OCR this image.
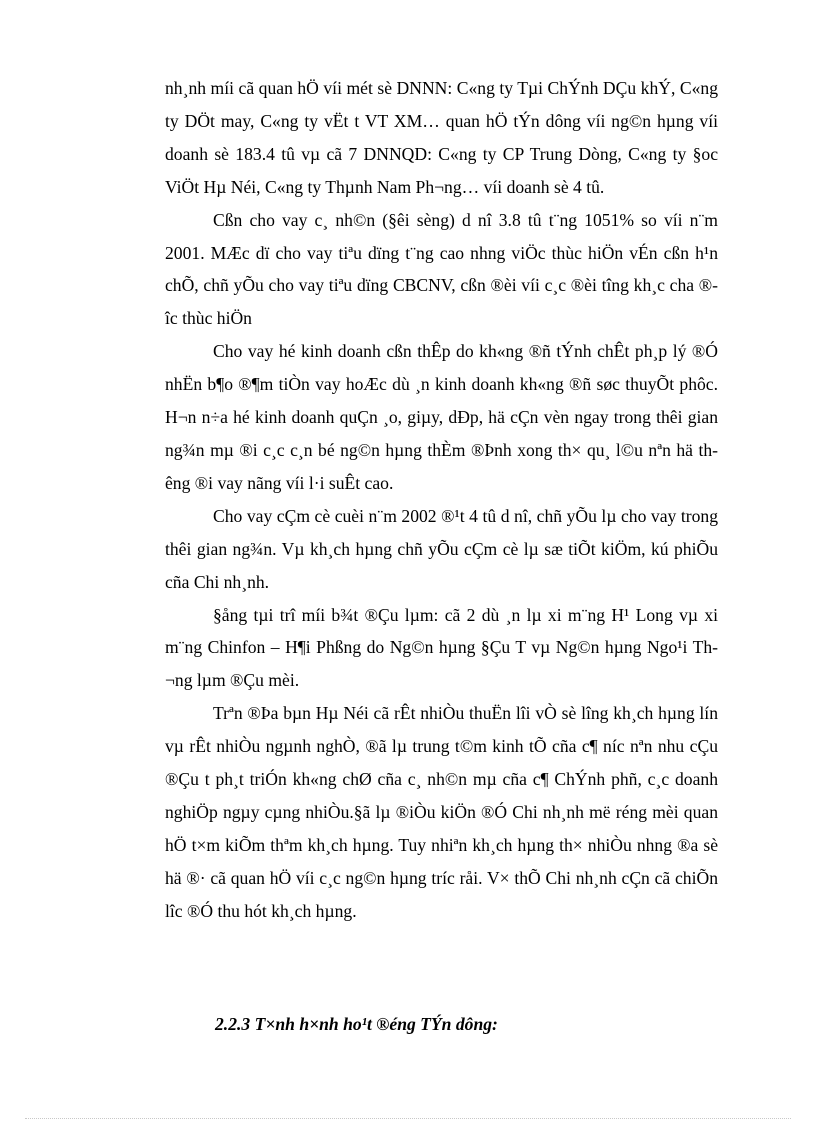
nh¸nh míi cã quan hÖ víi mét sè DNNN: C«ng ty Tµi ChÝnh DÇu khÝ, C«ng ty DÖt may, C«ng ty vËt t VT XM… quan hÖ tÝn dông víi ng©n hµng víi doanh sè 183.4 tû vµ cã 7 DNNQD: C«ng ty CP Trung Dòng, C«ng ty §oc ViÖt Hµ Néi, C«ng ty Thµnh Nam Ph¬ng… víi doanh sè 4 tû.

Cßn cho vay c¸ nh©n (§êi sèng) d nî 3.8 tû t¨ng 1051% so víi n¨m 2001. MÆc dï cho vay tiªu dïng t¨ng cao nhng viÖc thùc hiÖn vÉn cßn h¹n chÕ, chñ yÕu cho vay tiªu dïng CBCNV, cßn ®èi víi c¸c ®èi tîng kh¸c cha ®îc thùc hiÖn

Cho vay hé kinh doanh cßn thÊp do kh«ng ®ñ tÝnh chÊt ph¸p lý ®Ó nhËn b¶o ®¶m tiÒn vay hoÆc dù ¸n kinh doanh kh«ng ®ñ søc thuyÕt phôc. H¬n n÷a hé kinh doanh quÇn ¸o, giµy, dÐp, hä cÇn vèn ngay trong thêi gian ng¾n mµ ®i c¸c c¸n bé ng©n hµng thÈm ®Þnh xong th× qu¸ l©u nªn hä thêng ®i vay nãng víi l·i suÊt cao.

Cho vay cÇm cè cuèi n¨m 2002 ®¹t 4 tû d nî, chñ yÕu lµ cho vay trong thêi gian ng¾n. Vµ kh¸ch hµng chñ yÕu cÇm cè lµ sæ tiÕt kiÖm, kú phiÕu cña Chi nh¸nh.

§ång tµi trî míi b¾t ®Çu lµm: cã 2 dù ¸n lµ xi m¨ng H¹ Long vµ xi m¨ng Chinfon – H¶i Phßng do Ng©n hµng §Çu T vµ Ng©n hµng Ngo¹i Th¬ng lµm ®Çu mèi.

Trªn ®Þa bµn Hµ Néi cã rÊt nhiÒu thuËn lîi vÒ sè lîng kh¸ch hµng lín vµ rÊt nhiÒu ngµnh nghÒ, ®ã lµ trung t©m kinh tÕ cña c¶ níc nªn nhu cÇu ®Çu t ph¸t triÓn kh«ng chØ cña c¸ nh©n mµ cña c¶ ChÝnh phñ, c¸c doanh nghiÖp ngµy cµng nhiÒu.§ã lµ ®iÒu kiÖn ®Ó Chi nh¸nh më réng mèi quan hÖ t×m kiÕm thªm kh¸ch hµng. Tuy nhiªn kh¸ch hµng th× nhiÒu nhng ®a sè hä ®· cã quan hÖ víi c¸c ng©n hµng tríc råi. V× thÕ Chi nh¸nh cÇn cã chiÕn lîc ®Ó thu hót kh¸ch hµng.

2.2.3 T×nh h×nh ho¹t ®éng TÝn dông:
